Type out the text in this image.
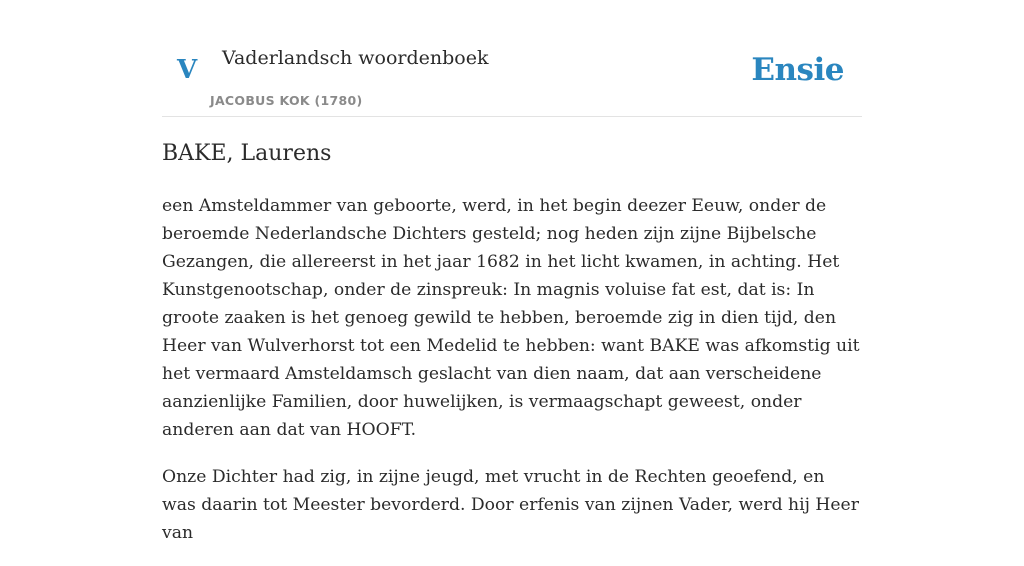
V Vaderlandsch woordenboek
JACOBUS KOK (1780)
Ensie
BAKE, Laurens

een Amsteldammer van geboorte, werd, in het begin deezer Eeuw, onder de beroemde Nederlandsche Dichters gesteld; nog heden zijn zijne Bijbelsche Gezangen, die allereerst in het jaar 1682 in het licht kwamen, in achting. Het Kunstgenootschap, onder de zinspreuk: In magnis voluise fat est, dat is: In groote zaaken is het genoeg gewild te hebben, beroemde zig in dien tijd, den Heer van Wulverhorst tot een Medelid te hebben: want BAKE was afkomstig uit het vermaard Amsteldamsch geslacht van dien naam, dat aan verscheidene aanzienlijke Familien, door huwelijken, is vermaagschapt geweest, onder anderen aan dat van HOOFT.

Onze Dichter had zig, in zijne jeugd, met vrucht in de Rechten geoefend, en was daarin tot Meester bevorderd. Door erfenis van zijnen Vader, werd hij Heer van
